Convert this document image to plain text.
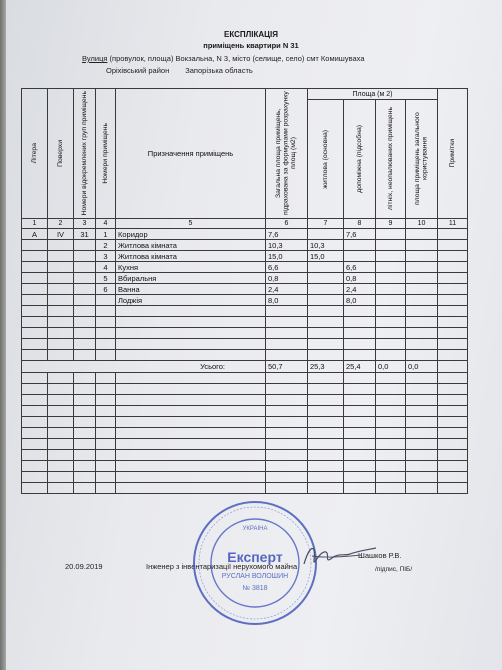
ЕКСПЛІКАЦІЯ
приміщень квартири N 31
Вулиця (провулок, площа) Вокзальна, N 3, місто (селище, село) смт Комишуваха
Оріхівський район Запорізька область
Літера	Поверхи	Номери відокремлених груп приміщень	Номери приміщень	Призначення приміщень	Загальна площа приміщень, підрахована за формулами розрахунку площ (м2)	Площа (м 2)				Примітки

						житлова (основна)	допоміжна (підсобна)	літніх, неопалюваних приміщень	площа приміщень загального користування	

1	2	3	4	5	6	7	8	9	10	11
А	IV	31	1	Коридор	7,6		7,6			
			2	Житлова кімната	10,3	10,3				
			3	Житлова кімната	15,0	15,0				
			4	Кухня	6,6		6,6			
			5	Вбиральня	0,8		0,8			
			6	Ванна	2,4		2,4			
				Лоджія	8,0		8,0			

Усього:					50,7	25,3	25,4	0,0	0,0	

20.09.2019	Інженер з інвентаризації нерухомого майна
Шашков Р.В.
/підпис, ПІБ/
Експерт
РУСЛАН ВОЛОШИН
№ 3818
УКРАЇНА
